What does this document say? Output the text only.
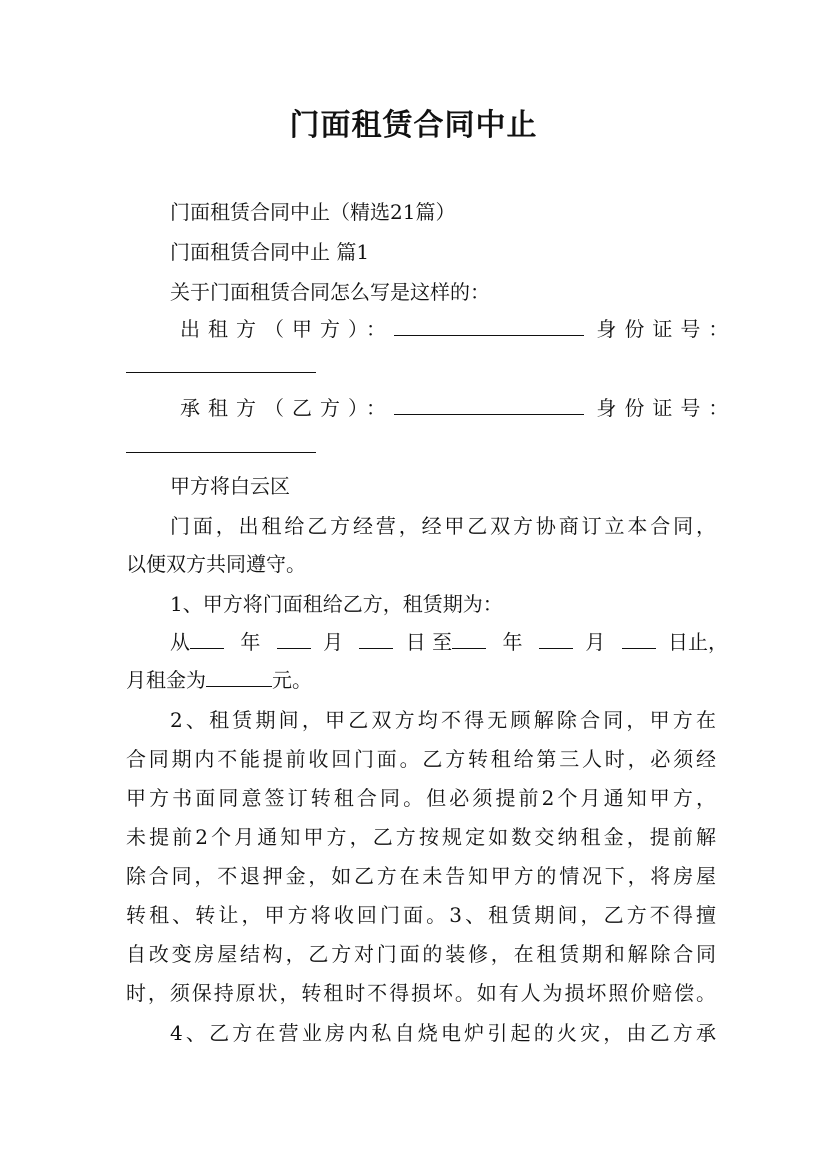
门面租赁合同中止
门面租赁合同中止（精选21篇）
门面租赁合同中止 篇1
关于门面租赁合同怎么写是这样的：
出租方（甲方）：	身份证号：
承租方（乙方）：	身份证号：
甲方将白云区
门面，出租给乙方经营，经甲乙双方协商订立本合同，
以便双方共同遵守。
1、甲方将门面租给乙方，租赁期为：
从	年	月	日 至	年	月	日止，
月租金为	元。
2、租赁期间，甲乙双方均不得无顾解除合同，甲方在
合同期内不能提前收回门面。乙方转租给第三人时，必须经
甲方书面同意签订转租合同。但必须提前2个月通知甲方，
未提前2个月通知甲方，乙方按规定如数交纳租金，提前解
除合同，不退押金，如乙方在未告知甲方的情况下，将房屋
转租、转让，甲方将收回门面。3、租赁期间，乙方不得擅
自改变房屋结构，乙方对门面的装修，在租赁期和解除合同
时，须保持原状，转租时不得损坏。如有人为损坏照价赔偿。
4、乙方在营业房内私自烧电炉引起的火灾，由乙方承
